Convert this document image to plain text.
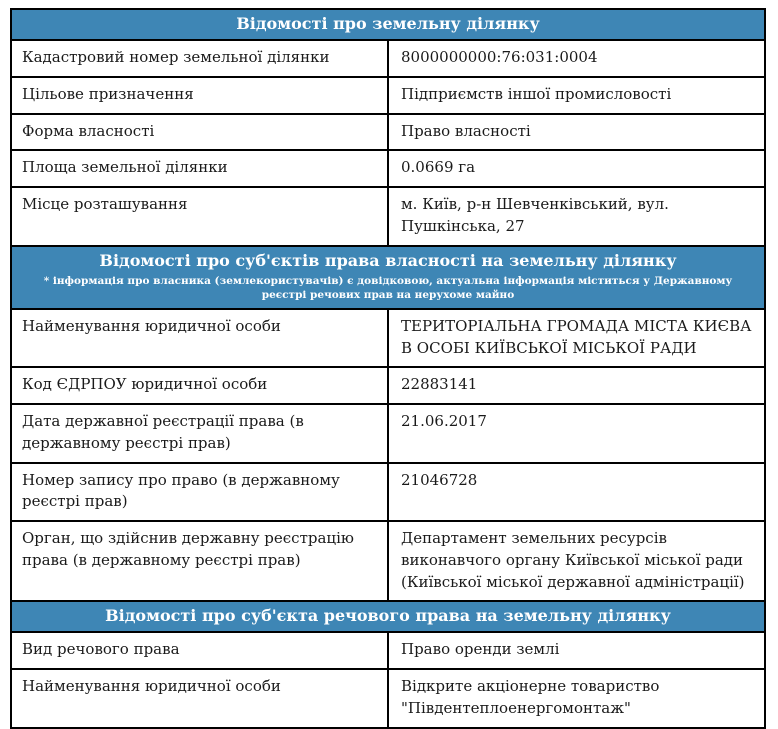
Відомості про земельну ділянку	

Кадастровий номер земельної ділянки	8000000000:76:031:0004
Цільове призначення	Підприємств іншої промисловості
Форма власності	Право власності
Площа земельної ділянки	0.0669 га
Місце розташування	м. Київ, р-н Шевченківський, вул. Пушкінська, 27

Відомості про суб'єктів права власності на земельну ділянку
* інформація про власника (землекористувачів) є довідковою, актуальна інформація міститься у Державному реєстрі речових прав на нерухоме майно	

Найменування юридичної особи	ТЕРИТОРІАЛЬНА ГРОМАДА МІСТА КИЄВА В ОСОБІ КИЇВСЬКОЇ МІСЬКОЇ РАДИ
Код ЄДРПОУ юридичної особи	22883141
Дата державної реєстрації права (в державному реєстрі прав)	21.06.2017
Номер запису про право (в державному реєстрі прав)	21046728
Орган, що здійснив державну реєстрацію права (в державному реєстрі прав)	Департамент земельних ресурсів виконавчого органу Київської міської ради (Київської міської державної адміністрації)

Відомості про суб'єкта речового права на земельну ділянку	

Вид речового права	Право оренди землі
Найменування юридичної особи	Відкрите акціонерне товариство "Південтеплоенергомонтаж"
